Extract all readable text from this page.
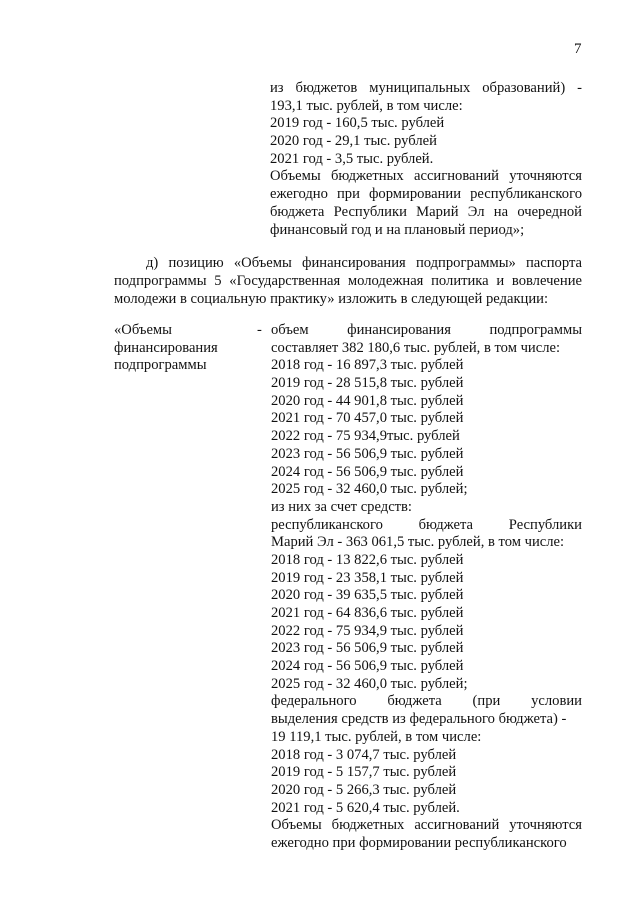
7
из бюджетов муниципальных образований) -
193,1 тыс. рублей, в том числе:
2019 год - 160,5 тыс. рублей
2020 год - 29,1 тыс. рублей
2021 год - 3,5 тыс. рублей.
Объемы бюджетных ассигнований уточняются
ежегодно при формировании республиканского
бюджета Республики Марий Эл на очередной
финансовый год и на плановый период»;
д) позицию «Объемы финансирования подпрограммы» паспорта
подпрограммы 5 «Государственная молодежная политика и вовлечение
молодежи в социальную практику» изложить в следующей редакции:
«Объемы
финансирования
подпрограммы
- объем финансирования подпрограммы
составляет 382 180,6 тыс. рублей, в том числе:
2018 год - 16 897,3 тыс. рублей
2019 год - 28 515,8 тыс. рублей
2020 год - 44 901,8 тыс. рублей
2021 год - 70 457,0 тыс. рублей
2022 год - 75 934,9тыс. рублей
2023 год - 56 506,9 тыс. рублей
2024 год - 56 506,9 тыс. рублей
2025 год - 32 460,0 тыс. рублей;
из них за счет средств:
республиканского бюджета Республики
Марий Эл - 363 061,5 тыс. рублей, в том числе:
2018 год - 13 822,6 тыс. рублей
2019 год - 23 358,1 тыс. рублей
2020 год - 39 635,5 тыс. рублей
2021 год - 64 836,6 тыс. рублей
2022 год - 75 934,9 тыс. рублей
2023 год - 56 506,9 тыс. рублей
2024 год - 56 506,9 тыс. рублей
2025 год - 32 460,0 тыс. рублей;
федерального бюджета (при условии
выделения средств из федерального бюджета) -
19 119,1 тыс. рублей, в том числе:
2018 год - 3 074,7 тыс. рублей
2019 год - 5 157,7 тыс. рублей
2020 год - 5 266,3 тыс. рублей
2021 год - 5 620,4 тыс. рублей.
Объемы бюджетных ассигнований уточняются
ежегодно при формировании республиканского
